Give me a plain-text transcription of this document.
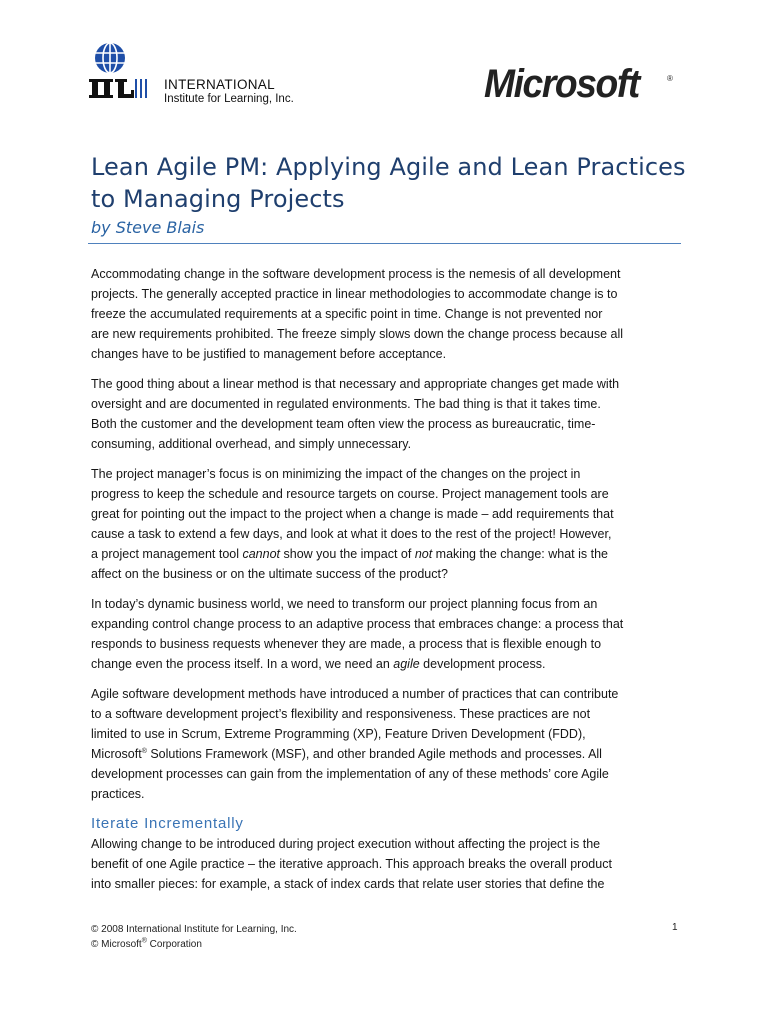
INTERNATIONAL
Institute for Learning, Inc.	Microsoft	®
Lean Agile PM: Applying Agile and Lean Practices to Managing Projects
by Steve Blais

Accommodating change in the software development process is the nemesis of all development
projects. The generally accepted practice in linear methodologies to accommodate change is to
freeze the accumulated requirements at a specific point in time. Change is not prevented nor
are new requirements prohibited. The freeze simply slows down the change process because all
changes have to be justified to management before acceptance.

The good thing about a linear method is that necessary and appropriate changes get made with
oversight and are documented in regulated environments. The bad thing is that it takes time.
Both the customer and the development team often view the process as bureaucratic, time-
consuming, additional overhead, and simply unnecessary.

The project manager’s focus is on minimizing the impact of the changes on the project in
progress to keep the schedule and resource targets on course. Project management tools are
great for pointing out the impact to the project when a change is made – add requirements that
cause a task to extend a few days, and look at what it does to the rest of the project! However,
a project management tool cannot show you the impact of not making the change: what is the
affect on the business or on the ultimate success of the product?

In today’s dynamic business world, we need to transform our project planning focus from an
expanding control change process to an adaptive process that embraces change: a process that
responds to business requests whenever they are made, a process that is flexible enough to
change even the process itself. In a word, we need an agile development process.

Agile software development methods have introduced a number of practices that can contribute
to a software development project’s flexibility and responsiveness. These practices are not
limited to use in Scrum, Extreme Programming (XP), Feature Driven Development (FDD),
Microsoft® Solutions Framework (MSF), and other branded Agile methods and processes. All
development processes can gain from the implementation of any of these methods’ core Agile
practices.

Iterate Incrementally

Allowing change to be introduced during project execution without affecting the project is the
benefit of one Agile practice – the iterative approach. This approach breaks the overall product
into smaller pieces: for example, a stack of index cards that relate user stories that define the

© 2008 International Institute for Learning, Inc.
© Microsoft® Corporation
1
